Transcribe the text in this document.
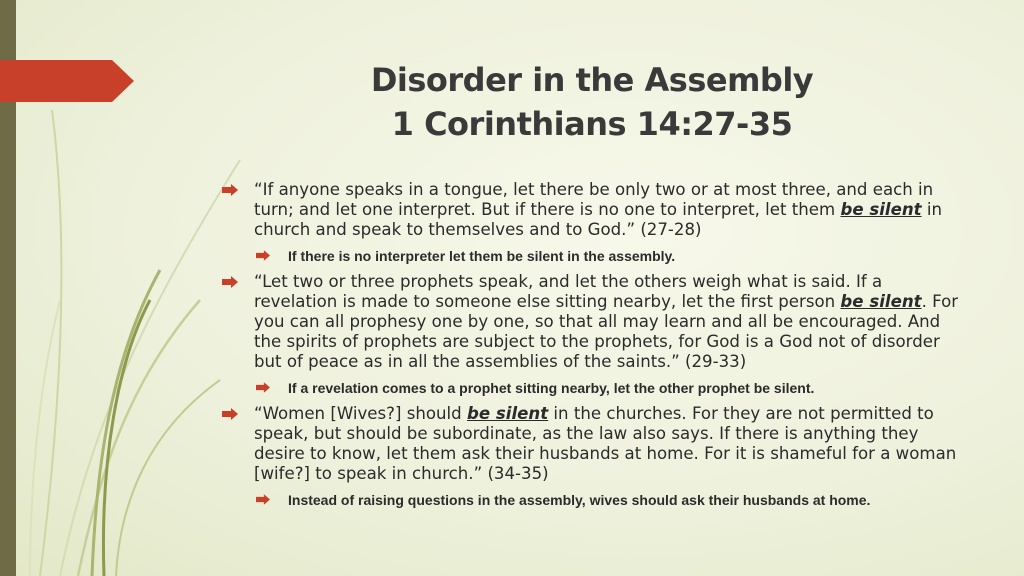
Disorder in the Assembly
1 Corinthians 14:27-35
“If anyone speaks in a tongue, let there be only two or at most three, and each in turn; and let one interpret. But if there is no one to interpret, let them be silent in church and speak to themselves and to God.” (27-28)
If there is no interpreter let them be silent in the assembly.
“Let two or three prophets speak, and let the others weigh what is said. If a revelation is made to someone else sitting nearby, let the first person be silent. For you can all prophesy one by one, so that all may learn and all be encouraged. And the spirits of prophets are subject to the prophets, for God is a God not of disorder but of peace as in all the assemblies of the saints.” (29-33)
If a revelation comes to a prophet sitting nearby, let the other prophet be silent.
“Women [Wives?] should be silent in the churches. For they are not permitted to speak, but should be subordinate, as the law also says. If there is anything they desire to know, let them ask their husbands at home. For it is shameful for a woman [wife?] to speak in church.” (34-35)
Instead of raising questions in the assembly, wives should ask their husbands at home.
